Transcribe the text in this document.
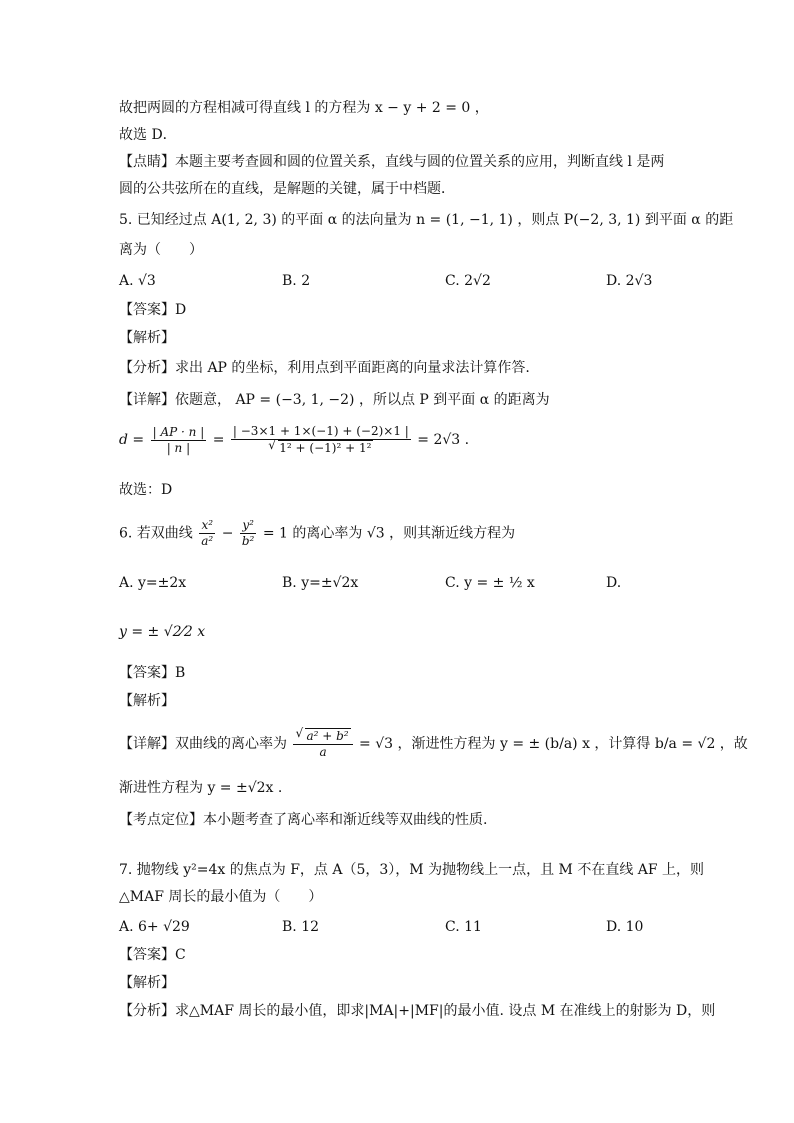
故把两圆的方程相减可得直线 l 的方程为 x − y + 2 = 0 ，
故选 D．
【点睛】本题主要考查圆和圆的位置关系，直线与圆的位置关系的应用，判断直线 l 是两
圆的公共弦所在的直线，是解题的关键，属于中档题．
5. 已知经过点 A(1, 2, 3) 的平面 α 的法向量为 n = (1, −1, 1) ，则点 P(−2, 3, 1) 到平面 α 的距
离为（　　）
A. √3	B. 2	C. 2√2	D. 2√3
【答案】D
【解析】
【分析】求出 AP 的坐标，利用点到平面距离的向量求法计算作答.
【详解】依题意， AP = (−3, 1, −2) ，所以点 P 到平面 α 的距离为
$d = \frac{| AP \cdot n |}{| n |}$ = | −3×1 + 1×(−1) + (−2)×1 |
√ 1² + (−1)² + 1² = 2√3 .
故选：D
6. 若双曲线 $\frac{\text{x²}}{\text{a²}} - \frac{\text{y²}}{\text{b²}} = 1$ 的离心率为 √3 ，则其渐近线方程为
A. y=±2x	B. y=±√2x	C. y = ± ½ x	D.
y = ± √2⁄2 x
【答案】B
【解析】
【详解】双曲线的离心率为
√ $\frac{\text{a² + b²}}{a} = √3$ ，渐进性方程为 y = ± (b/a) x ，计算得 b/a = √2 ，故
渐进性方程为 y = ±√2x .
【考点定位】本小题考查了离心率和渐近线等双曲线的性质.
7. 抛物线 y²=4x 的焦点为 F，点 A（5，3），M 为抛物线上一点，且 M 不在直线 AF 上，则
△MAF 周长的最小值为（　　）
A. 6+ √29	B. 12	C. 11	D. 10
【答案】C
【解析】
【分析】求△MAF 周长的最小值，即求|MA|+|MF|的最小值. 设点 M 在准线上的射影为 D，则
